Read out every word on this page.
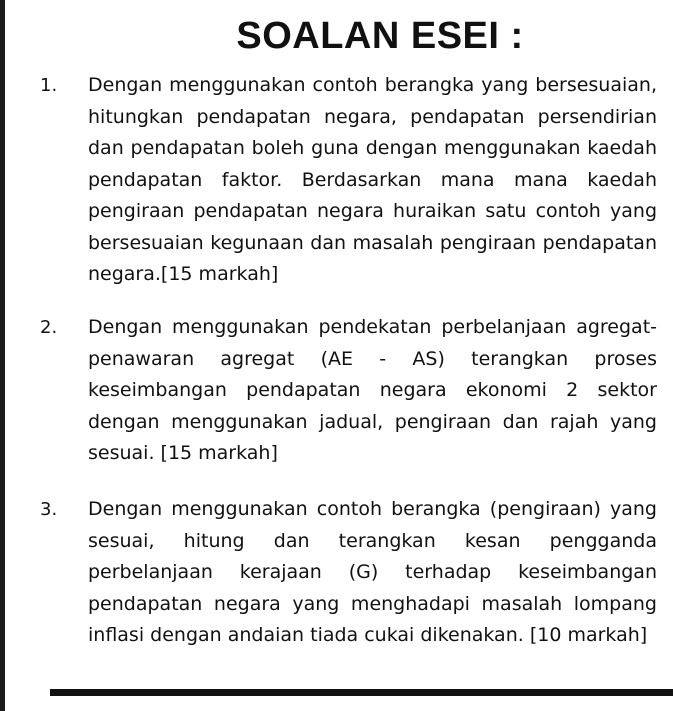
SOALAN ESEI :
1. Dengan menggunakan contoh berangka yang bersesuaian, hitungkan pendapatan negara, pendapatan persendirian dan pendapatan boleh guna dengan menggunakan kaedah pendapatan faktor. Berdasarkan mana mana kaedah pengiraan pendapatan negara huraikan satu contoh yang bersesuaian kegunaan dan masalah pengiraan pendapatan negara.[15 markah]
2. Dengan menggunakan pendekatan perbelanjaan agregat-penawaran agregat (AE - AS) terangkan proses keseimbangan pendapatan negara ekonomi 2 sektor dengan menggunakan jadual, pengiraan dan rajah yang sesuai. [15 markah]
3. Dengan menggunakan contoh berangka (pengiraan) yang sesuai, hitung dan terangkan kesan pengganda perbelanjaan kerajaan (G) terhadap keseimbangan pendapatan negara yang menghadapi masalah lompang inflasi dengan andaian tiada cukai dikenakan. [10 markah]
